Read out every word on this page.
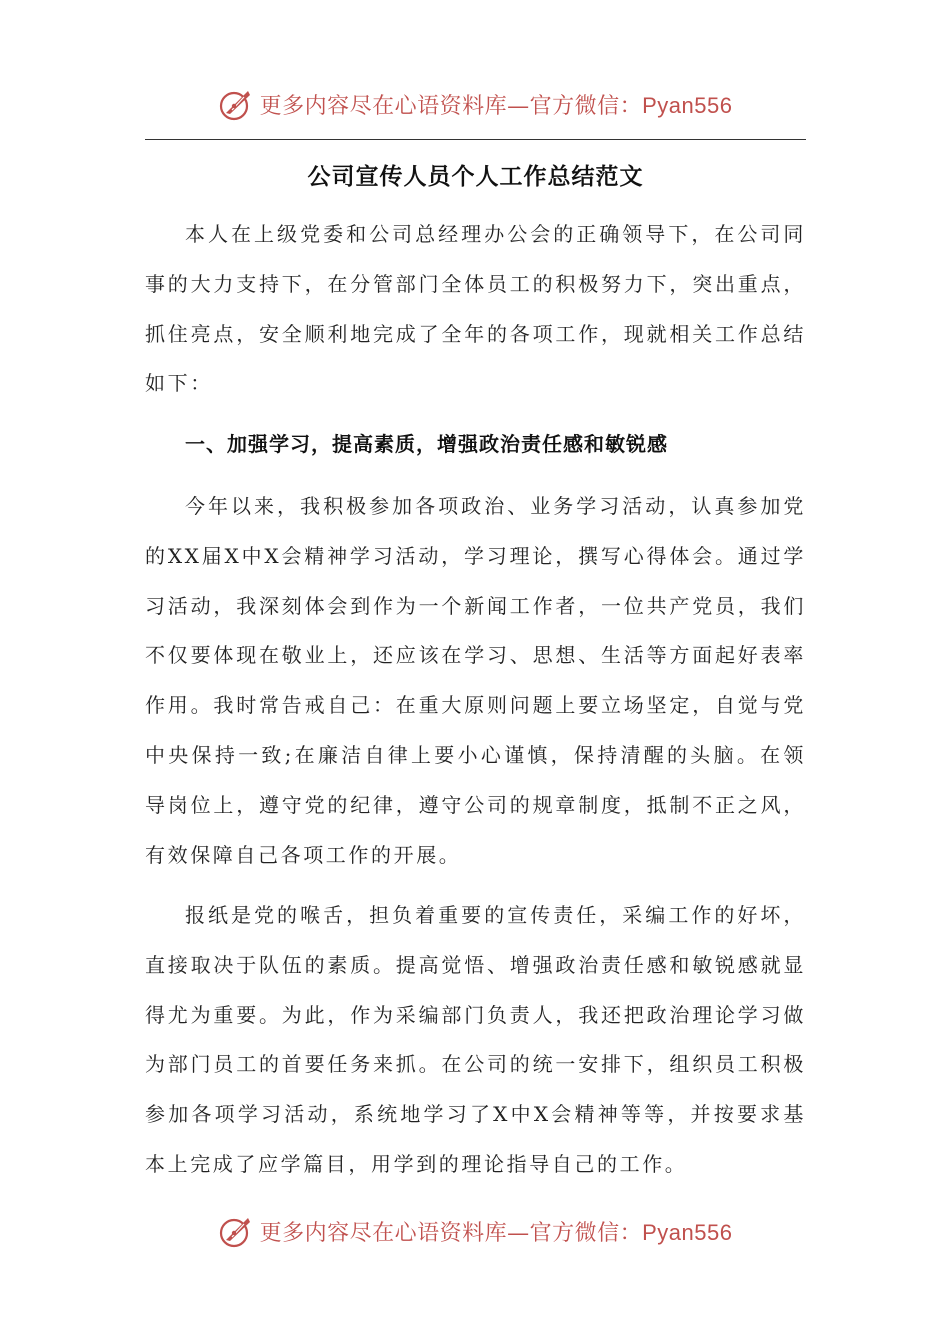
更多内容尽在心语资料库—官方微信：Pyan556
公司宣传人员个人工作总结范文

本人在上级党委和公司总经理办公会的正确领导下，在公司同事的大力支持下，在分管部门全体员工的积极努力下，突出重点，抓住亮点，安全顺利地完成了全年的各项工作，现就相关工作总结如下：

一、加强学习，提高素质，增强政治责任感和敏锐感

今年以来，我积极参加各项政治、业务学习活动，认真参加党的XX届X中X会精神学习活动，学习理论，撰写心得体会。通过学习活动，我深刻体会到作为一个新闻工作者，一位共产党员，我们不仅要体现在敬业上，还应该在学习、思想、生活等方面起好表率作用。我时常告戒自己：在重大原则问题上要立场坚定，自觉与党中央保持一致;在廉洁自律上要小心谨慎，保持清醒的头脑。在领导岗位上，遵守党的纪律，遵守公司的规章制度，抵制不正之风，有效保障自己各项工作的开展。

报纸是党的喉舌，担负着重要的宣传责任，采编工作的好坏，直接取决于队伍的素质。提高觉悟、增强政治责任感和敏锐感就显得尤为重要。为此，作为采编部门负责人，我还把政治理论学习做为部门员工的首要任务来抓。在公司的统一安排下，组织员工积极参加各项学习活动，系统地学习了X中X会精神等等，并按要求基本上完成了应学篇目，用学到的理论指导自己的工作。

更多内容尽在心语资料库—官方微信：Pyan556
